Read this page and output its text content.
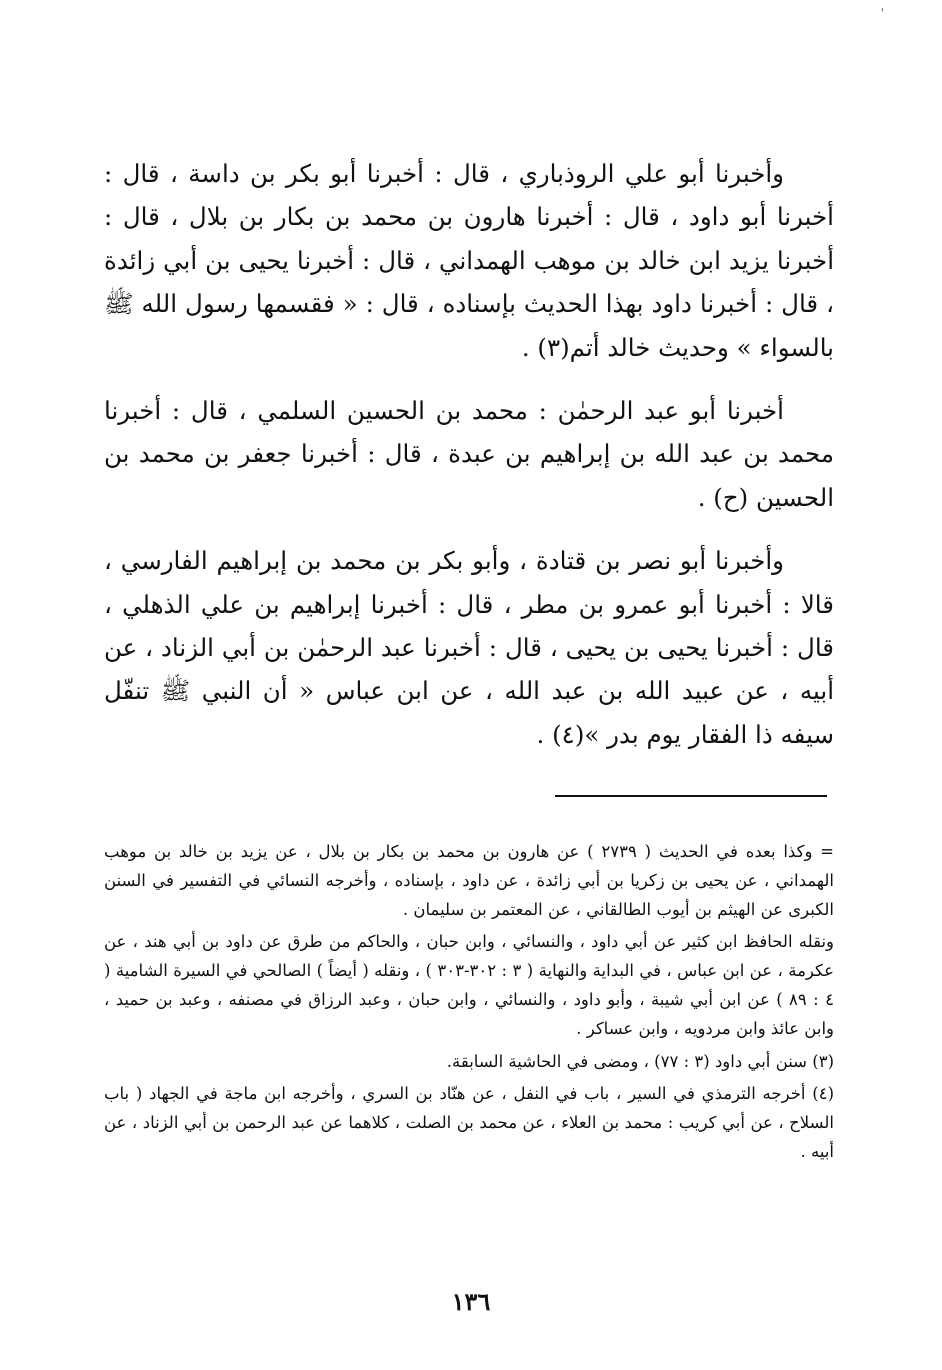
'

وأخبرنا أبو علي الروذباري ، قال : أخبرنا أبو بكر بن داسة ، قال : أخبرنا أبو داود ، قال : أخبرنا هارون بن محمد بن بكار بن بلال ، قال : أخبرنا يزيد ابن خالد بن موهب الهمداني ، قال : أخبرنا يحيى بن أبي زائدة ، قال : أخبرنا داود بهذا الحديث بإسناده ، قال : « فقسمها رسول الله ﷺ بالسواء » وحديث خالد أتم(٣) .

أخبرنا أبو عبد الرحمٰن : محمد بن الحسين السلمي ، قال : أخبرنا محمد بن عبد الله بن إبراهيم بن عبدة ، قال : أخبرنا جعفر بن محمد بن الحسين (ح) .

وأخبرنا أبو نصر بن قتادة ، وأبو بكر بن محمد بن إبراهيم الفارسي ، قالا : أخبرنا أبو عمرو بن مطر ، قال : أخبرنا إبراهيم بن علي الذهلي ، قال : أخبرنا يحيى بن يحيى ، قال : أخبرنا عبد الرحمٰن بن أبي الزناد ، عن أبيه ، عن عبيد الله بن عبد الله ، عن ابن عباس « أن النبي ﷺ تنفّل سيفه ذا الفقار يوم بدر »(٤) .

= وكذا بعده في الحديث ( ٢٧٣٩ ) عن هارون بن محمد بن بكار بن بلال ، عن يزيد بن خالد بن موهب الهمداني ، عن يحيى بن زكريا بن أبي زائدة ، عن داود ، بإسناده ، وأخرجه النسائي في التفسير في السنن الكبرى عن الهيثم بن أيوب الطالقاني ، عن المعتمر بن سليمان .

ونقله الحافظ ابن كثير عن أبي داود ، والنسائي ، وابن حبان ، والحاكم من طرق عن داود بن أبي هند ، عن عكرمة ، عن ابن عباس ، في البداية والنهاية ( ٣ : ٣٠٢-٣٠٣ ) ، ونقله ( أيضاً ) الصالحي في السيرة الشامية ( ٤ : ٨٩ ) عن ابن أبي شيبة ، وأبو داود ، والنسائي ، وابن حبان ، وعبد الرزاق في مصنفه ، وعبد بن حميد ، وابن عائذ وابن مردويه ، وابن عساكر .

(٣) سنن أبي داود (٣ : ٧٧) ، ومضى في الحاشية السابقة.

(٤) أخرجه الترمذي في السير ، باب في النفل ، عن هنّاد بن السري ، وأخرجه ابن ماجة في الجهاد ( باب السلاح ، عن أبي كريب : محمد بن العلاء ، عن محمد بن الصلت ، كلاهما عن عبد الرحمن بن أبي الزناد ، عن أبيه .

١٣٦
